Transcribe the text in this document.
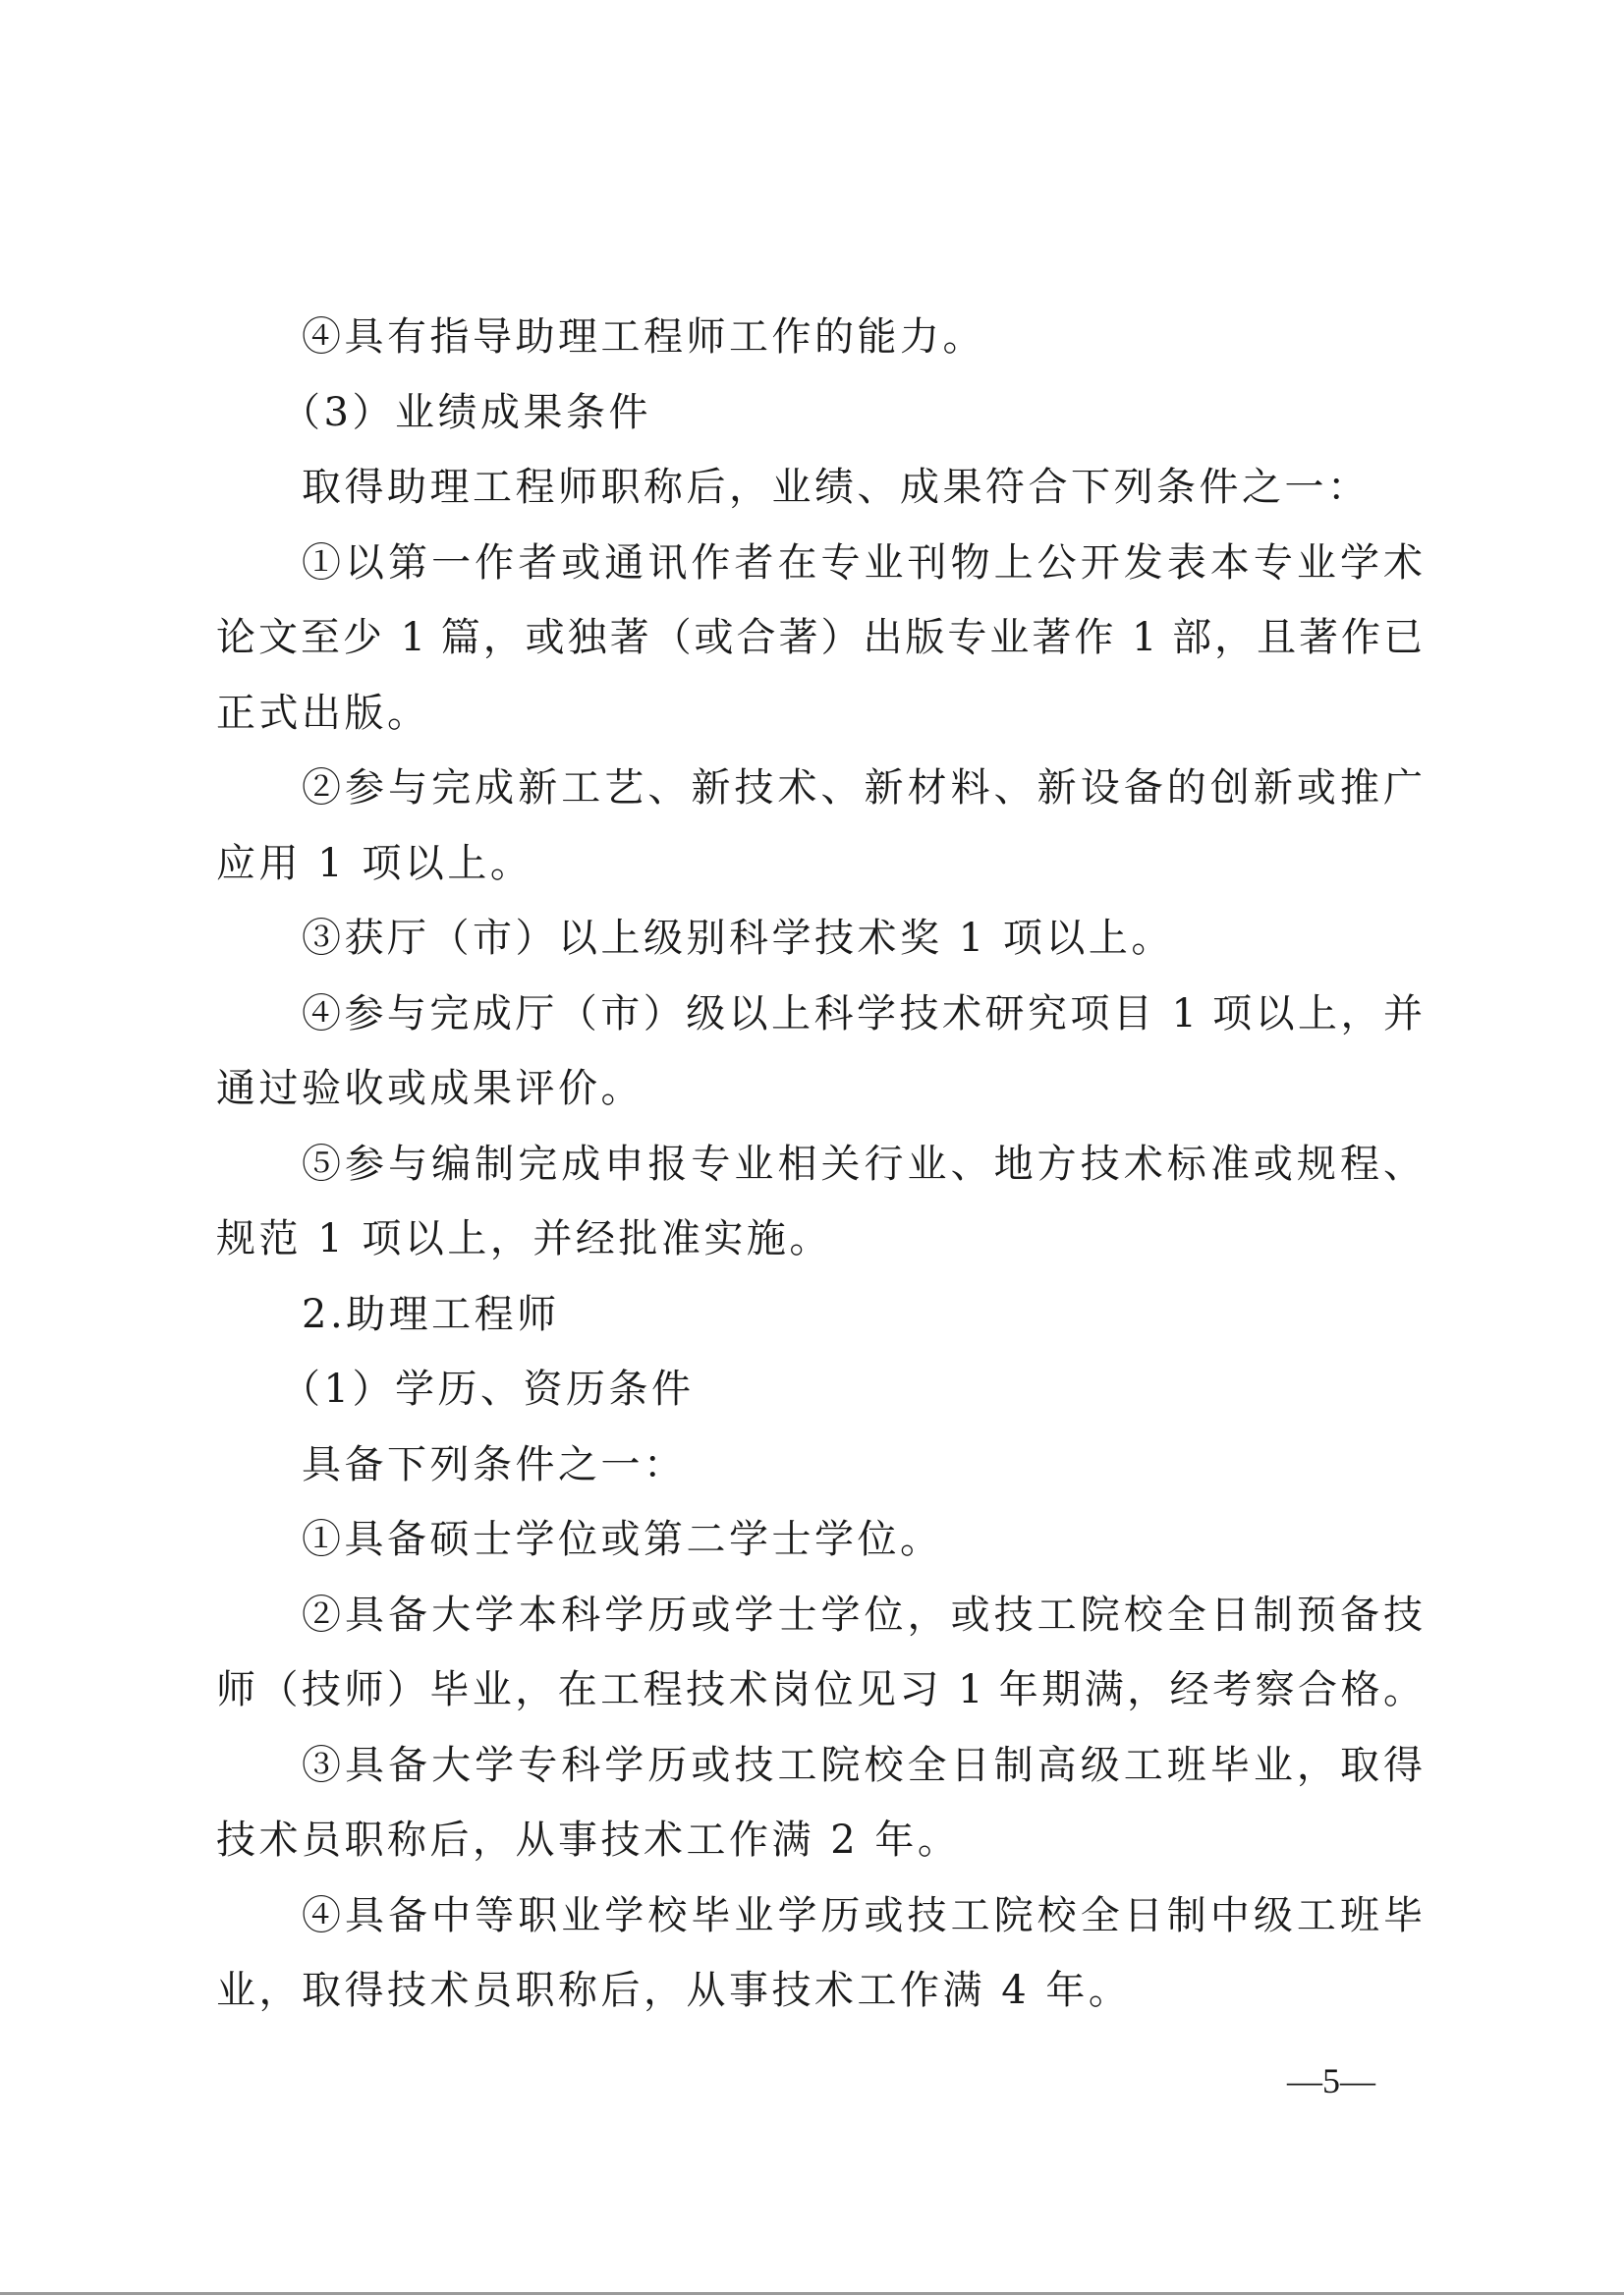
④具有指导助理工程师工作的能力。
（3）业绩成果条件
取得助理工程师职称后，业绩、成果符合下列条件之一：
①以第一作者或通讯作者在专业刊物上公开发表本专业学术
论文至少 1 篇，或独著（或合著）出版专业著作 1 部，且著作已
正式出版。
②参与完成新工艺、新技术、新材料、新设备的创新或推广
应用 1 项以上。
③获厅（市）以上级别科学技术奖 1 项以上。
④参与完成厅（市）级以上科学技术研究项目 1 项以上，并
通过验收或成果评价。
⑤参与编制完成申报专业相关行业、地方技术标准或规程、
规范 1 项以上，并经批准实施。
2.助理工程师
（1）学历、资历条件
具备下列条件之一：
①具备硕士学位或第二学士学位。
②具备大学本科学历或学士学位，或技工院校全日制预备技
师（技师）毕业，在工程技术岗位见习 1 年期满，经考察合格。
③具备大学专科学历或技工院校全日制高级工班毕业，取得
技术员职称后，从事技术工作满 2 年。
④具备中等职业学校毕业学历或技工院校全日制中级工班毕
业，取得技术员职称后，从事技术工作满 4 年。
—5—
